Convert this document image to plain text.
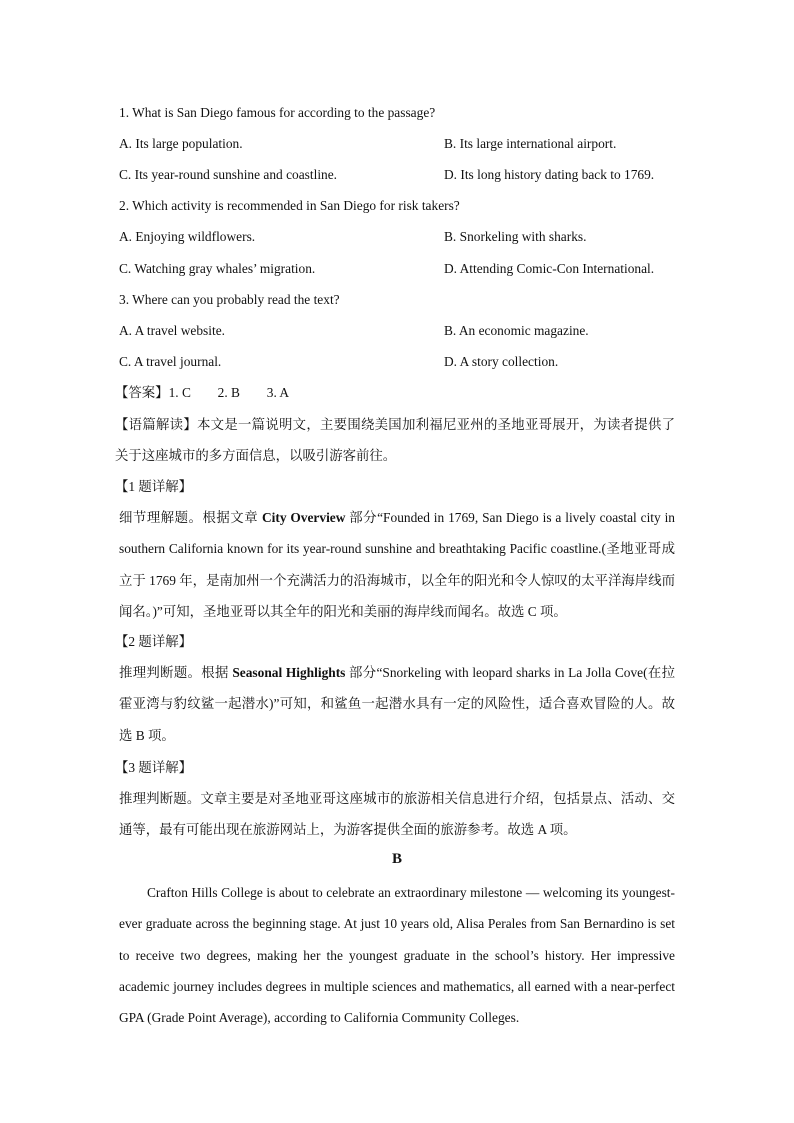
1. What is San Diego famous for according to the passage?
A. Its large population.	B. Its large international airport.
C. Its year-round sunshine and coastline.	D. Its long history dating back to 1769.
2. Which activity is recommended in San Diego for risk takers?
A. Enjoying wildflowers.	B. Snorkeling with sharks.
C. Watching gray whales’ migration.	D. Attending Comic-Con International.
3. Where can you probably read the text?
A. A travel website.	B. An economic magazine.
C. A travel journal.	D. A story collection.
【答案】1. C        2. B        3. A
【语篇解读】本文是一篇说明文，主要围绕美国加利福尼亚州的圣地亚哥展开，为读者提供了关于这座城市的多方面信息，以吸引游客前往。
【1 题详解】
细节理解题。根据文章 City Overview 部分“Founded in 1769, San Diego is a lively coastal city in southern California known for its year-round sunshine and breathtaking Pacific coastline.(圣地亚哥成立于 1769 年，是南加州一个充满活力的沿海城市，以全年的阳光和令人惊叹的太平洋海岸线而闻名。)”可知，圣地亚哥以其全年的阳光和美丽的海岸线而闻名。故选 C 项。
【2 题详解】
推理判断题。根据 Seasonal Highlights 部分“Snorkeling with leopard sharks in La Jolla Cove(在拉霍亚湾与豹纹鲨一起潜水)”可知，和鲨鱼一起潜水具有一定的风险性，适合喜欢冒险的人。故选 B 项。
【3 题详解】
推理判断题。文章主要是对圣地亚哥这座城市的旅游相关信息进行介绍，包括景点、活动、交通等，最有可能出现在旅游网站上，为游客提供全面的旅游参考。故选 A 项。
B
Crafton Hills College is about to celebrate an extraordinary milestone — welcoming its youngest-ever graduate across the beginning stage. At just 10 years old, Alisa Perales from San Bernardino is set to receive two degrees, making her the youngest graduate in the school’s history. Her impressive academic journey includes degrees in multiple sciences and mathematics, all earned with a near-perfect GPA (Grade Point Average), according to California Community Colleges.
